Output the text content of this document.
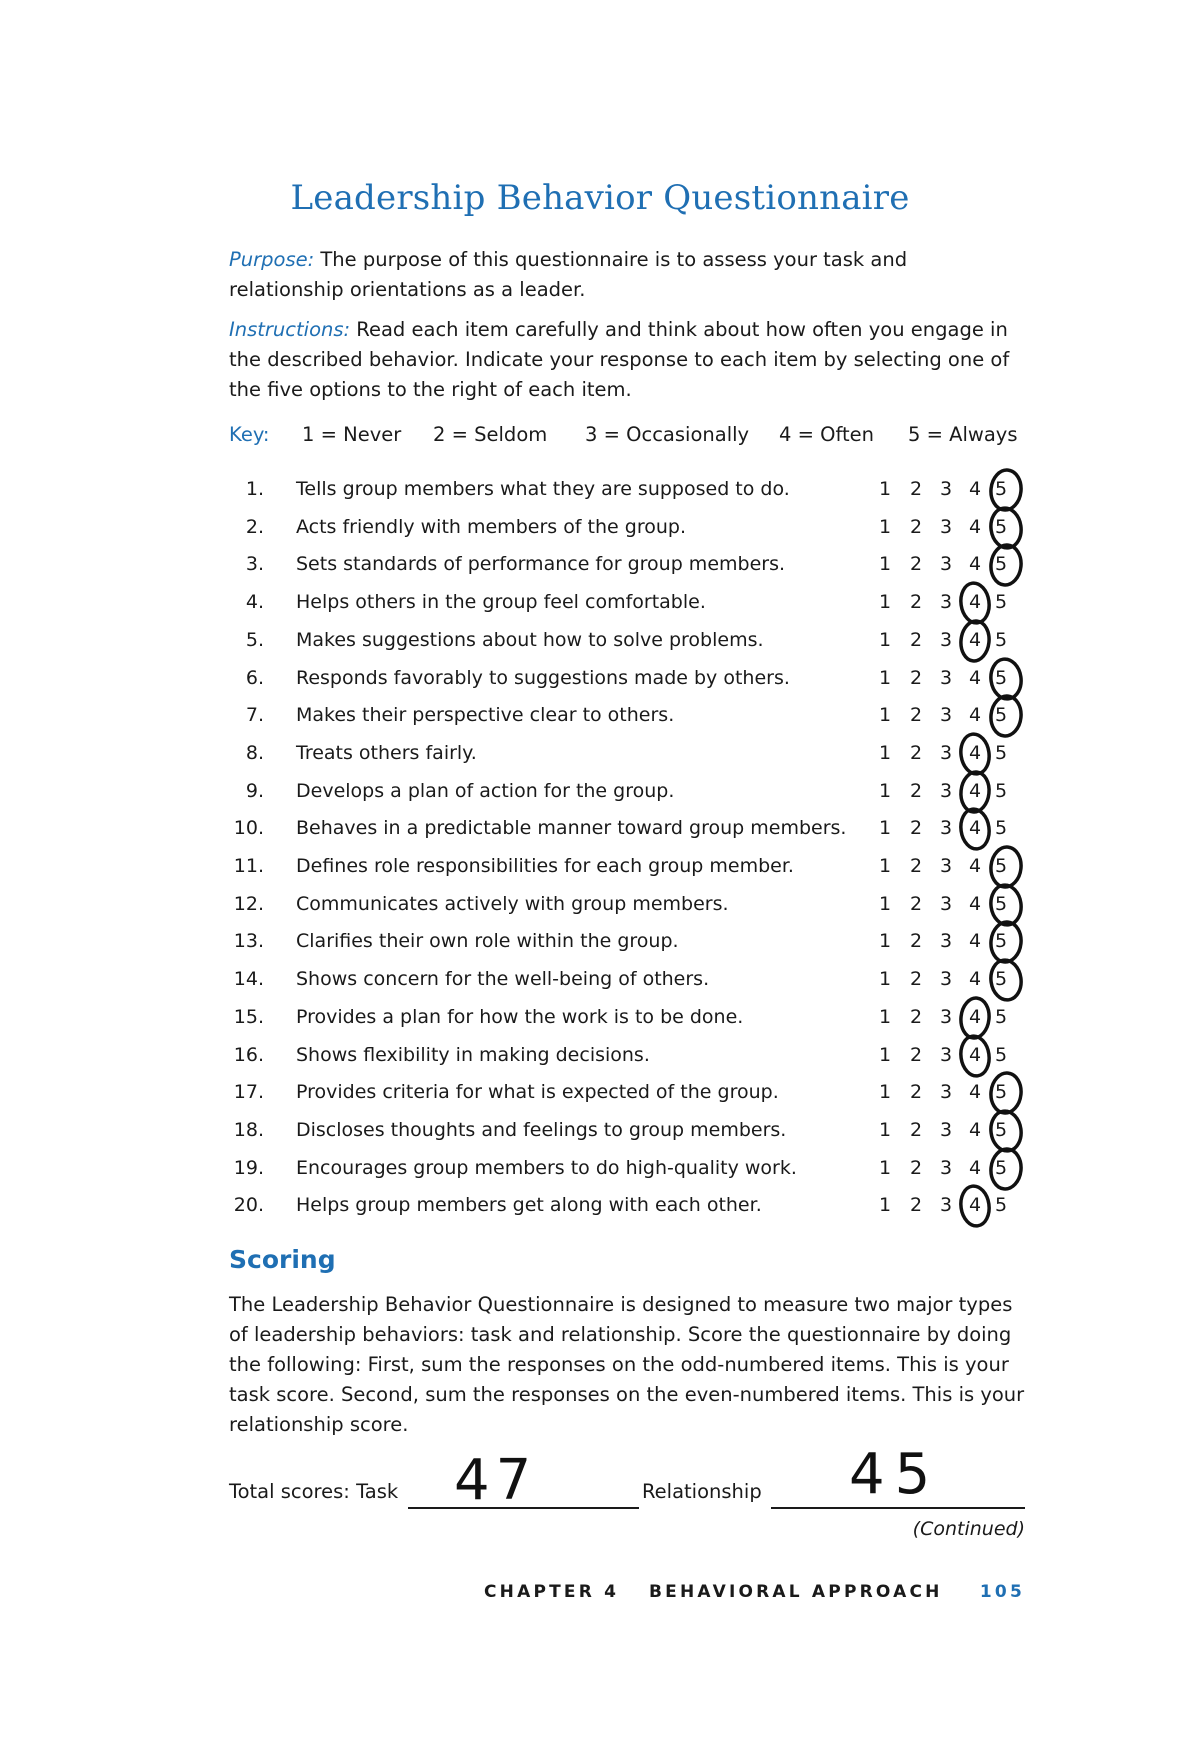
Leadership Behavior Questionnaire
Purpose: The purpose of this questionnaire is to assess your task and relationship orientations as a leader.
Instructions: Read each item carefully and think about how often you engage in the described behavior. Indicate your response to each item by selecting one of the five options to the right of each item.
Key: 1 = Never 2 = Seldom 3 = Occasionally 4 = Often 5 = Always
1. Tells group members what they are supposed to do.	1 2 3 4 5
2. Acts friendly with members of the group.	1 2 3 4 5
3. Sets standards of performance for group members.	1 2 3 4 5
4. Helps others in the group feel comfortable.	1 2 3 4 5
5. Makes suggestions about how to solve problems.	1 2 3 4 5
6. Responds favorably to suggestions made by others.	1 2 3 4 5
7. Makes their perspective clear to others.	1 2 3 4 5
8. Treats others fairly.	1 2 3 4 5
9. Develops a plan of action for the group.	1 2 3 4 5
10. Behaves in a predictable manner toward group members. 1 2 3 4 5
11. Defines role responsibilities for each group member.	1 2 3 4 5
12. Communicates actively with group members.	1 2 3 4 5
13. Clarifies their own role within the group.	1 2 3 4 5
14. Shows concern for the well-being of others.	1 2 3 4 5
15. Provides a plan for how the work is to be done.	1 2 3 4 5
16. Shows flexibility in making decisions.	1 2 3 4 5
17. Provides criteria for what is expected of the group.	1 2 3 4 5
18. Discloses thoughts and feelings to group members.	1 2 3 4 5
19. Encourages group members to do high-quality work.	1 2 3 4 5
20. Helps group members get along with each other.	1 2 3 4 5
Scoring
The Leadership Behavior Questionnaire is designed to measure two major types of leadership behaviors: task and relationship. Score the questionnaire by doing the following: First, sum the responses on the odd-numbered items. This is your task score. Second, sum the responses on the even-numbered items. This is your relationship score.
Total scores: Task 47	Relationship 45
(Continued)
CHAPTER 4 BEHAVIORAL APPROACH 105
